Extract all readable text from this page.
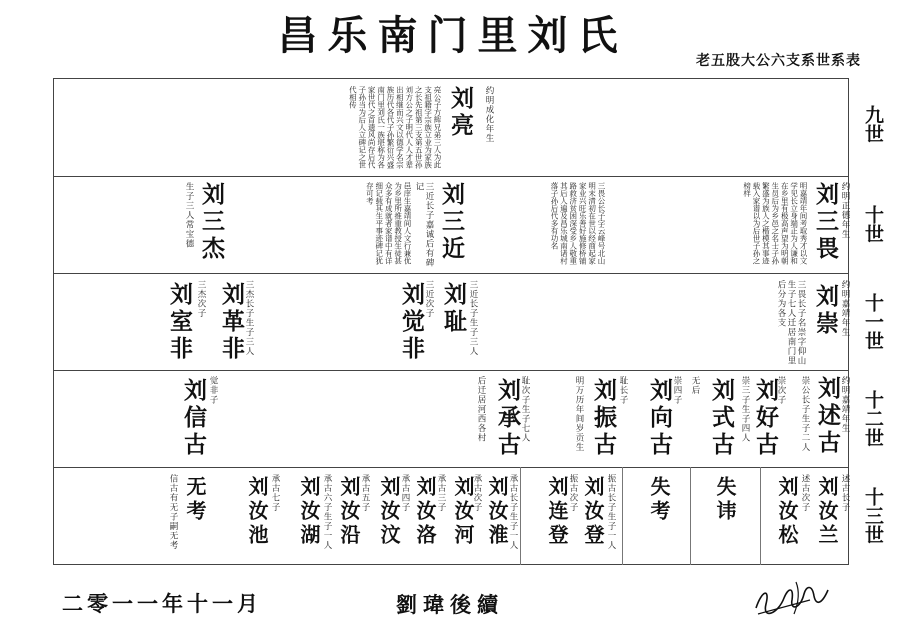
昌乐南门里刘氏
老五股大公六支系世系表
九世
十世
十一世
十二世
十三世
约明成化年生
刘亮
亮公子方辉兄弟三人为此支祖籍字宗族立业为家族之长先祖第三支第五世孙刘方公之子明代人人才辈出相继而兴文以德学名宗族历代各代子孙繁衍兴盛南门里刘氏一族堪称为各家世代之首遗风尚存后代子孙当为后人立碑记之世代相传
约明正德年生
刘三畏
明嘉靖年间考取秀才以文学见长立身端正为人谦和在乡里有极高声望为明朝生员后为乡邑之名士子孙繁盛为族人之楷模其事迹载入家谱以为后世子孙之榜样
三畏公长子字云峰号北山明末清初在世以经商起家家业兴旺乐善好施修桥铺路救济贫困深受乡人敬重其后人遍及昌乐城南诸村落子孙后代多有功名
刘三近
三近长子嘉诚后有碑记
邑庠生嘉靖间人文行兼优为乡里所推重教授生徒甚众多有成就者家谱中有详细记载其生平事迹碑记犹存可考
刘三杰
生子三人常宝德
约明嘉靖年生
刘崇
三畏长子名崇字仰山生子七人迁居南门里后分为各支
三近长子生子三人
刘耻
三近次子
刘觉非
三杰长子生子三人
刘革非
三杰次子
刘室非
约明嘉靖年生
刘述古
崇公长子生子二人
崇次子
刘好古
崇三子生子四人
刘式古
无后
崇四子
刘向古
明万历年间岁贡生	耻长子
刘振古
耻次子生子七人
刘承古
后迁居河西各村
觉非子
刘信古
述古长子
刘汝兰
述古次子
刘汝松
失讳
失考
振古长子生子一人
刘汝登
振古次子
刘连登
承古长子生子一人
刘汝淮
承古次子
刘汝河
承古三子
刘汝洛
承古四子
刘汝汶
承古五子
刘汝沿
承古六子生子一人
刘汝湖
承古七子
刘汝池
无考
信古有无子嗣无考
二零一一年十一月	劉瑋後續
